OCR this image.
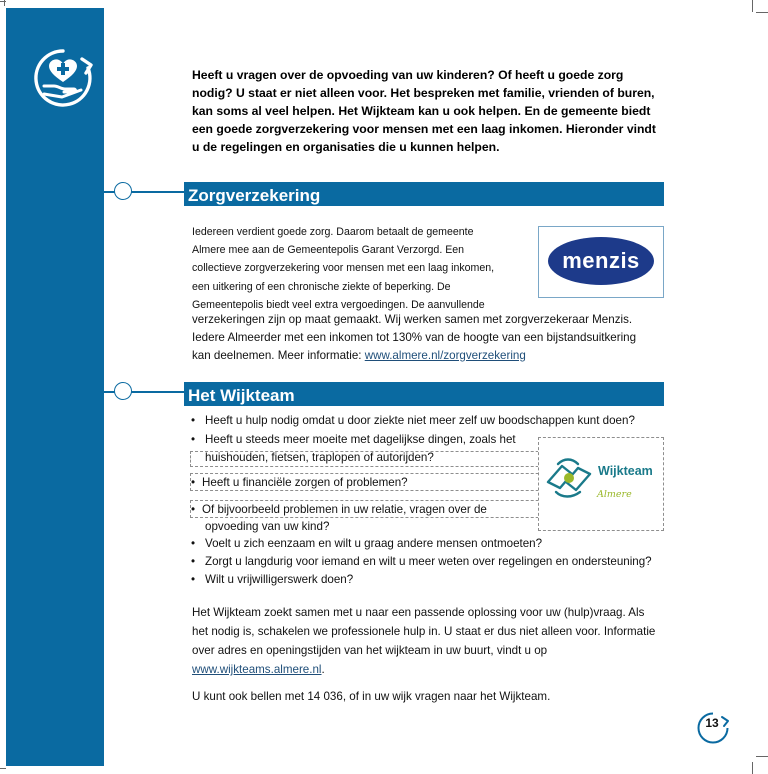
Heeft u vragen over de opvoeding van uw kinderen? Of heeft u goede zorg nodig? U staat er niet alleen voor. Het bespreken met familie, vrienden of buren, kan soms al veel helpen. Het Wijkteam kan u ook helpen. En de gemeente biedt een goede zorgverzekering voor mensen met een laag inkomen. Hieronder vindt u de regelingen en organisaties die u kunnen helpen.
Zorgverzekering
Iedereen verdient goede zorg. Daarom betaalt de gemeente
Almere mee aan de Gemeentepolis Garant Verzorgd. Een
collectieve zorgverzekering voor mensen met een laag inkomen,
een uitkering of een chronische ziekte of beperking. De
Gemeentepolis biedt veel extra vergoedingen. De aanvullende
menzis
verzekeringen zijn op maat gemaakt. Wij werken samen met zorgverzekeraar Menzis.
Iedere Almeerder met een inkomen tot 130% van de hoogte van een bijstandsuitkering
kan deelnemen. Meer informatie: www.almere.nl/zorgverzekering
Het Wijkteam
• Heeft u hulp nodig omdat u door ziekte niet meer zelf uw boodschappen kunt doen?
• Heeft u steeds meer moeite met dagelijkse dingen, zoals het
huishouden, fietsen, traplopen of autorijden?
• Heeft u financiële zorgen of problemen?
• Of bijvoorbeeld problemen in uw relatie, vragen over de
opvoeding van uw kind?
• Voelt u zich eenzaam en wilt u graag andere mensen ontmoeten?
• Zorgt u langdurig voor iemand en wilt u meer weten over regelingen en ondersteuning?
• Wilt u vrijwilligerswerk doen?
Wijkteam
Almere

Het Wijkteam zoekt samen met u naar een passende oplossing voor uw (hulp)vraag. Als het nodig is, schakelen we professionele hulp in. U staat er dus niet alleen voor. Informatie over adres en openingstijden van het wijkteam in uw buurt, vindt u op
www.wijkteams.almere.nl.

U kunt ook bellen met 14 036, of in uw wijk vragen naar het Wijkteam.
13
